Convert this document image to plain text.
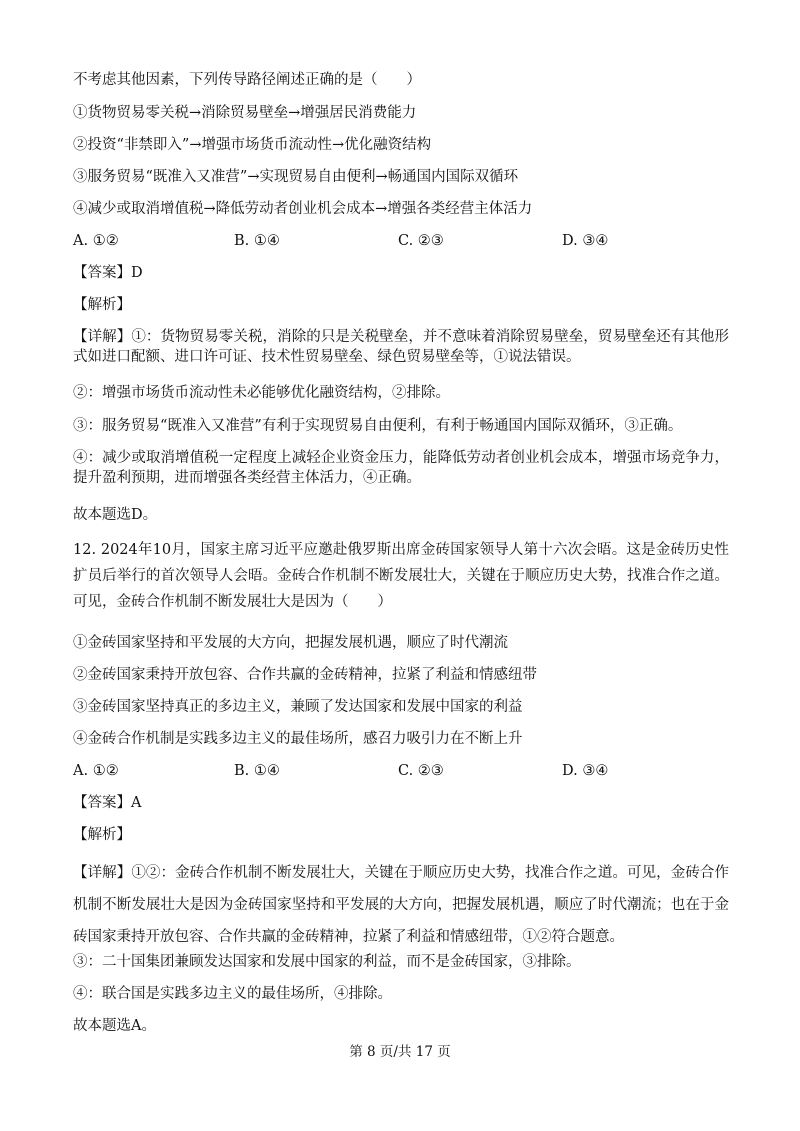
不考虑其他因素，下列传导路径阐述正确的是（　　）
①货物贸易零关税→消除贸易壁垒→增强居民消费能力
②投资“非禁即入”→增强市场货币流动性→优化融资结构
③服务贸易“既准入又准营”→实现贸易自由便利→畅通国内国际双循环
④减少或取消增值税→降低劳动者创业机会成本→增强各类经营主体活力
A. ①②	B. ①④	C. ②③	D. ③④
【答案】D
【解析】
【详解】①：货物贸易零关税，消除的只是关税壁垒，并不意味着消除贸易壁垒，贸易壁垒还有其他形式如进口配额、进口许可证、技术性贸易壁垒、绿色贸易壁垒等，①说法错误。
②：增强市场货币流动性未必能够优化融资结构，②排除。
③：服务贸易“既准入又准营”有利于实现贸易自由便利，有利于畅通国内国际双循环，③正确。
④：减少或取消增值税一定程度上减轻企业资金压力，能降低劳动者创业机会成本，增强市场竞争力，提升盈利预期，进而增强各类经营主体活力，④正确。
故本题选D。
12. 2024年10月，国家主席习近平应邀赴俄罗斯出席金砖国家领导人第十六次会晤。这是金砖历史性扩员后举行的首次领导人会晤。金砖合作机制不断发展壮大，关键在于顺应历史大势，找准合作之道。可见，金砖合作机制不断发展壮大是因为（　　）
①金砖国家坚持和平发展的大方向，把握发展机遇，顺应了时代潮流
②金砖国家秉持开放包容、合作共赢的金砖精神，拉紧了利益和情感纽带
③金砖国家坚持真正的多边主义，兼顾了发达国家和发展中国家的利益
④金砖合作机制是实践多边主义的最佳场所，感召力吸引力在不断上升
A. ①②	B. ①④	C. ②③	D. ③④
【答案】A
【解析】
【详解】①②：金砖合作机制不断发展壮大，关键在于顺应历史大势，找准合作之道。可见，金砖合作机制不断发展壮大是因为金砖国家坚持和平发展的大方向，把握发展机遇，顺应了时代潮流；也在于金砖国家秉持开放包容、合作共赢的金砖精神，拉紧了利益和情感纽带，①②符合题意。
③：二十国集团兼顾发达国家和发展中国家的利益，而不是金砖国家，③排除。
④：联合国是实践多边主义的最佳场所，④排除。
故本题选A。
第 8 页/共 17 页
